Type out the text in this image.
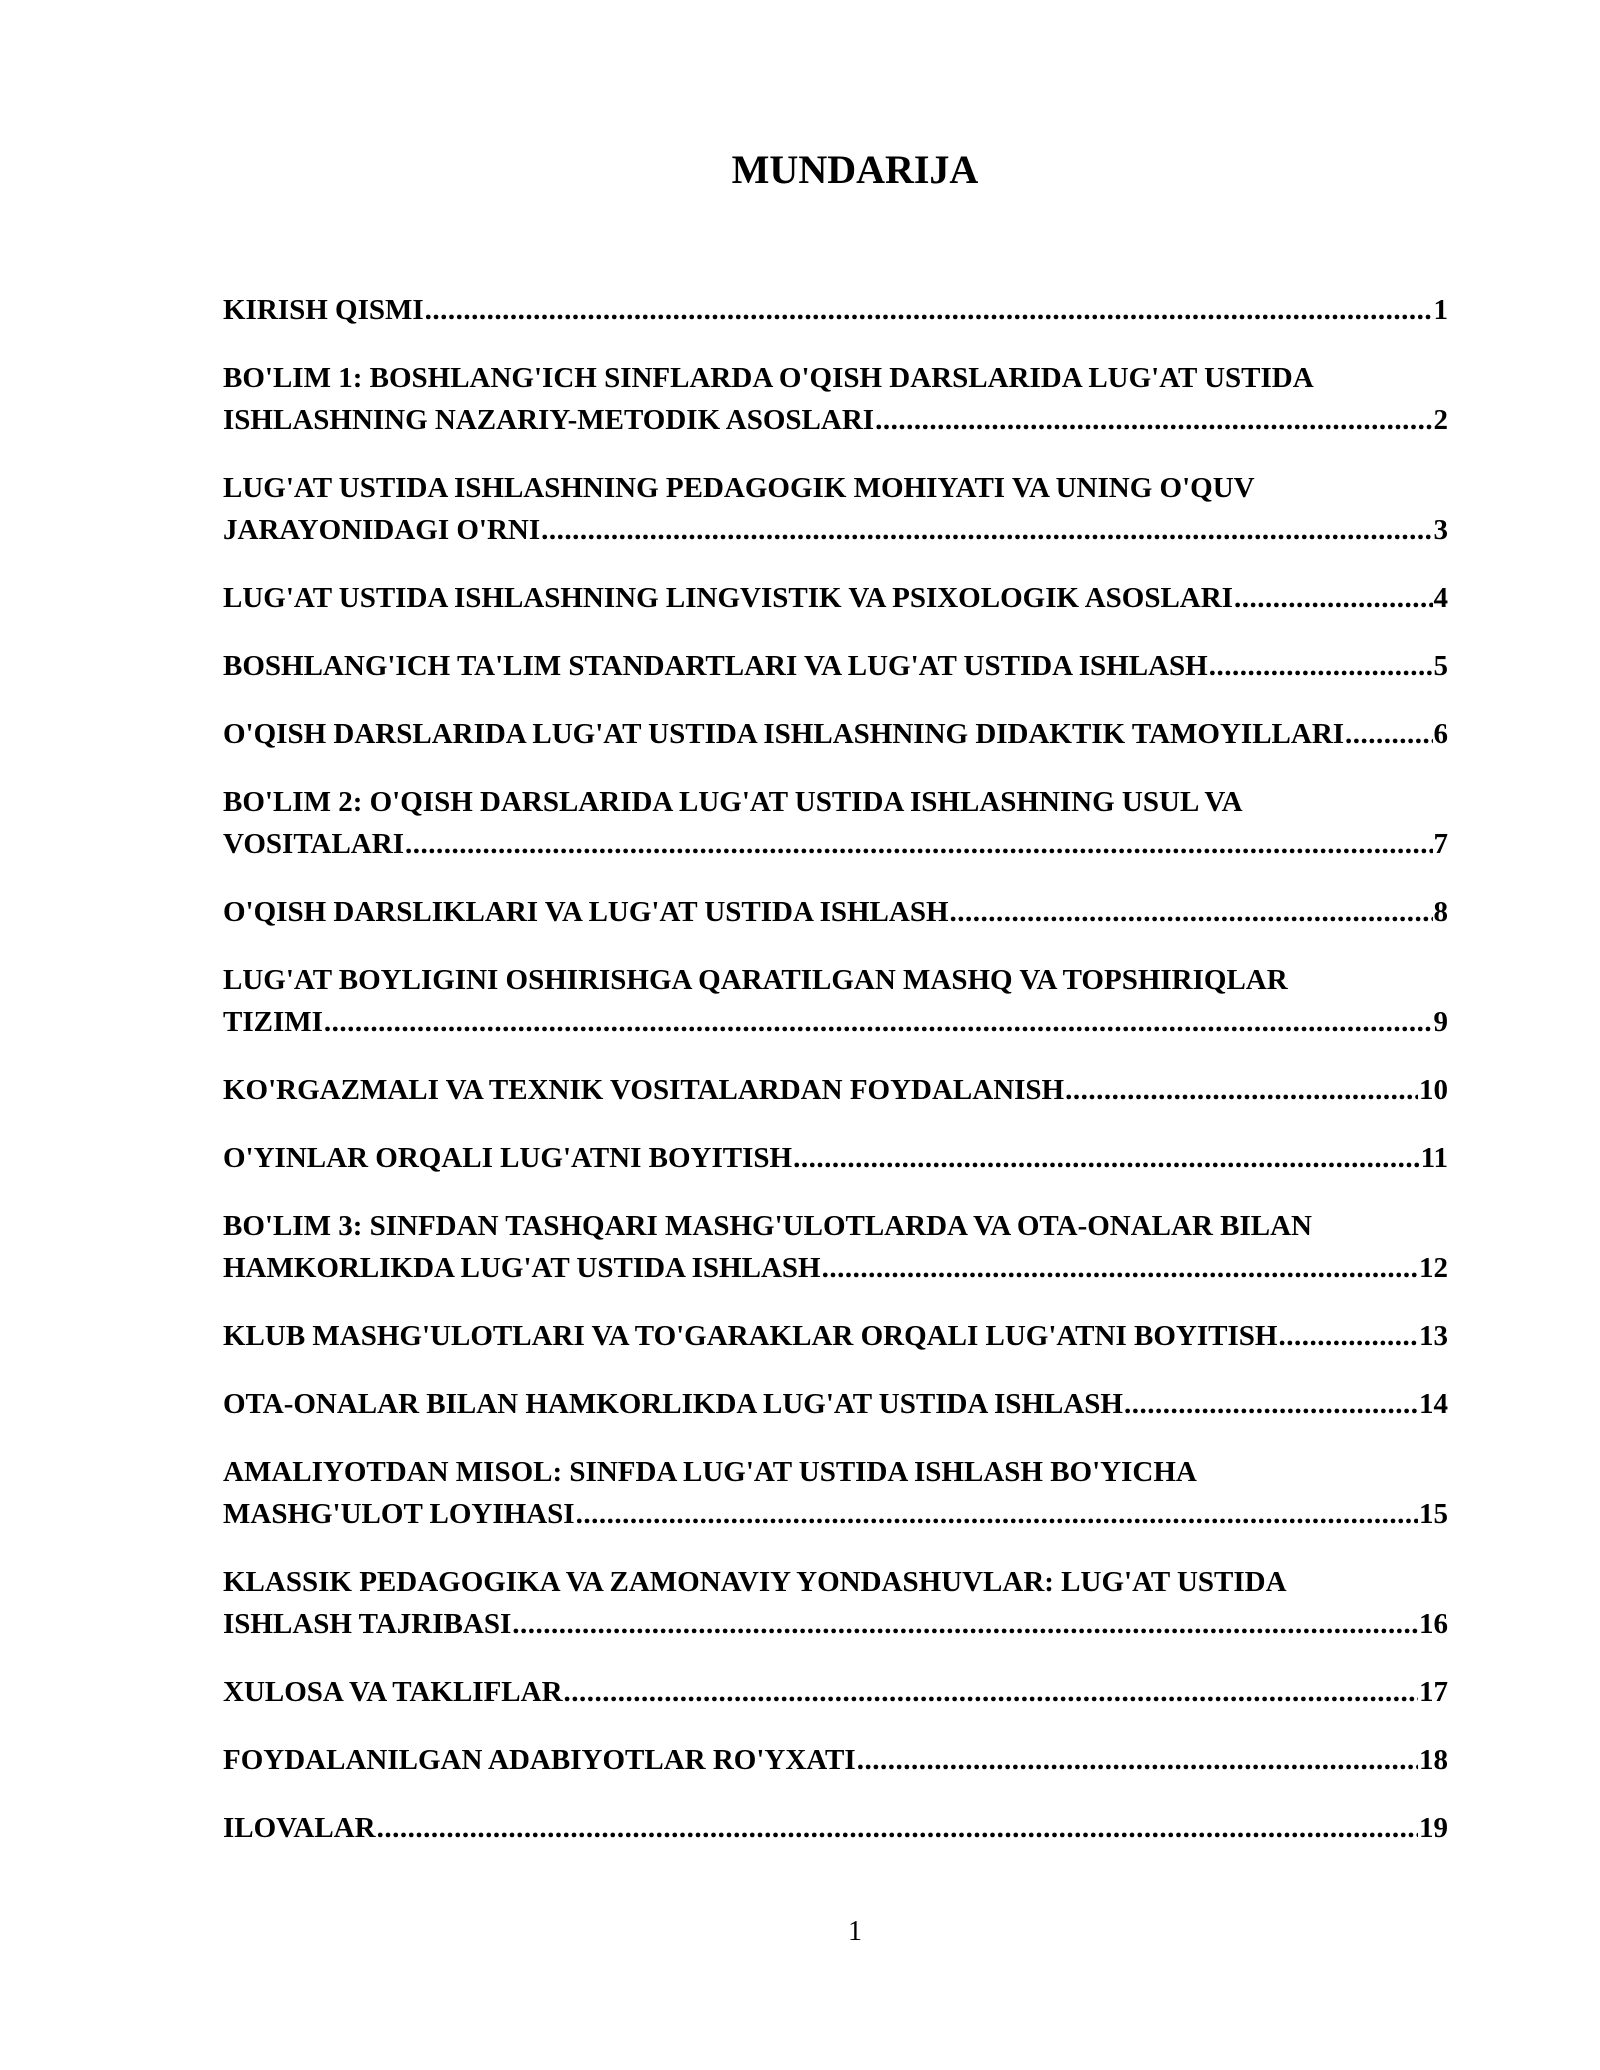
MUNDARIJA
KIRISH QISMI .....	1
BO'LIM 1: BOSHLANG'ICH SINFLARDA O'QISH DARSLARIDA LUG'AT USTIDA
ISHLASHNING NAZARIY-METODIK ASOSLARI .....	2
LUG'AT USTIDA ISHLASHNING PEDAGOGIK MOHIYATI VA UNING O'QUV
JARAYONIDAGI O'RNI .....	3
LUG'AT USTIDA ISHLASHNING LINGVISTIK VA PSIXOLOGIK ASOSLARI .....	4
BOSHLANG'ICH TA'LIM STANDARTLARI VA LUG'AT USTIDA ISHLASH .....	5
O'QISH DARSLARIDA LUG'AT USTIDA ISHLASHNING DIDAKTIK TAMOYILLARI .....	6
BO'LIM 2: O'QISH DARSLARIDA LUG'AT USTIDA ISHLASHNING USUL VA
VOSITALARI .....	7
O'QISH DARSLIKLARI VA LUG'AT USTIDA ISHLASH .....	8
LUG'AT BOYLIGINI OSHIRISHGA QARATILGAN MASHQ VA TOPSHIRIQLAR
TIZIMI .....	9
KO'RGAZMALI VA TEXNIK VOSITALARDAN FOYDALANISH .....	10
O'YINLAR ORQALI LUG'ATNI BOYITISH .....	11
BO'LIM 3: SINFDAN TASHQARI MASHG'ULOTLARDA VA OTA-ONALAR BILAN
HAMKORLIKDA LUG'AT USTIDA ISHLASH .....	12
KLUB MASHG'ULOTLARI VA TO'GARAKLAR ORQALI LUG'ATNI BOYITISH .....	13
OTA-ONALAR BILAN HAMKORLIKDA LUG'AT USTIDA ISHLASH .....	14
AMALIYOTDAN MISOL: SINFDA LUG'AT USTIDA ISHLASH BO'YICHA
MASHG'ULOT LOYIHASI .....	15
KLASSIK PEDAGOGIKA VA ZAMONAVIY YONDASHUVLAR: LUG'AT USTIDA
ISHLASH TAJRIBASI .....	16
XULOSA VA TAKLIFLAR .....	17
FOYDALANILGAN ADABIYOTLAR RO'YXATI .....	18
ILOVALAR .....	19
1
